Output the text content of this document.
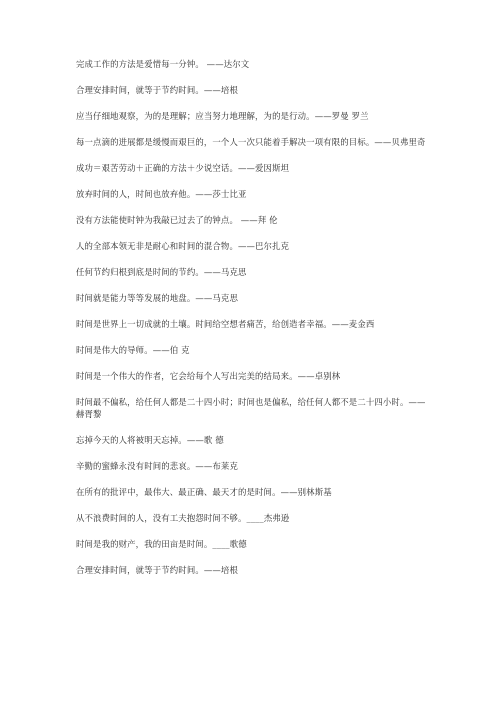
完成工作的方法是爱惜每一分钟。 ——达尔文

合理安排时间，就等于节约时间。——培根

应当仔细地观察，为的是理解；应当努力地理解，为的是行动。——罗曼 罗兰

每一点滴的进展都是缓慢而艰巨的，一个人一次只能着手解决一项有限的目标。——贝弗里奇

成功＝艰苦劳动＋正确的方法＋少说空话。——爱因斯坦

放弃时间的人，时间也放弃他。——莎士比亚

没有方法能使时钟为我敲已过去了的钟点。 ——拜 伦

人的全部本领无非是耐心和时间的混合物。——巴尔扎克

任何节约归根到底是时间的节约。——马克思

时间就是能力等等发展的地盘。——马克思

时间是世界上一切成就的土壤。时间给空想者痛苦，给创造者幸福。——麦金西

时间是伟大的导师。——伯 克

时间是一个伟大的作者，它会给每个人写出完美的结局来。——卓别林

时间最不偏私，给任何人都是二十四小时；时间也是偏私，给任何人都不是二十四小时。——赫胥黎

忘掉今天的人将被明天忘掉。——歌 德

辛勤的蜜蜂永没有时间的悲哀。——布莱克

在所有的批评中，最伟大、最正确、最天才的是时间。——别林斯基

从不浪费时间的人，没有工夫抱怨时间不够。____杰弗逊

时间是我的财产，我的田亩是时间。____歌德

合理安排时间，就等于节约时间。——培根
